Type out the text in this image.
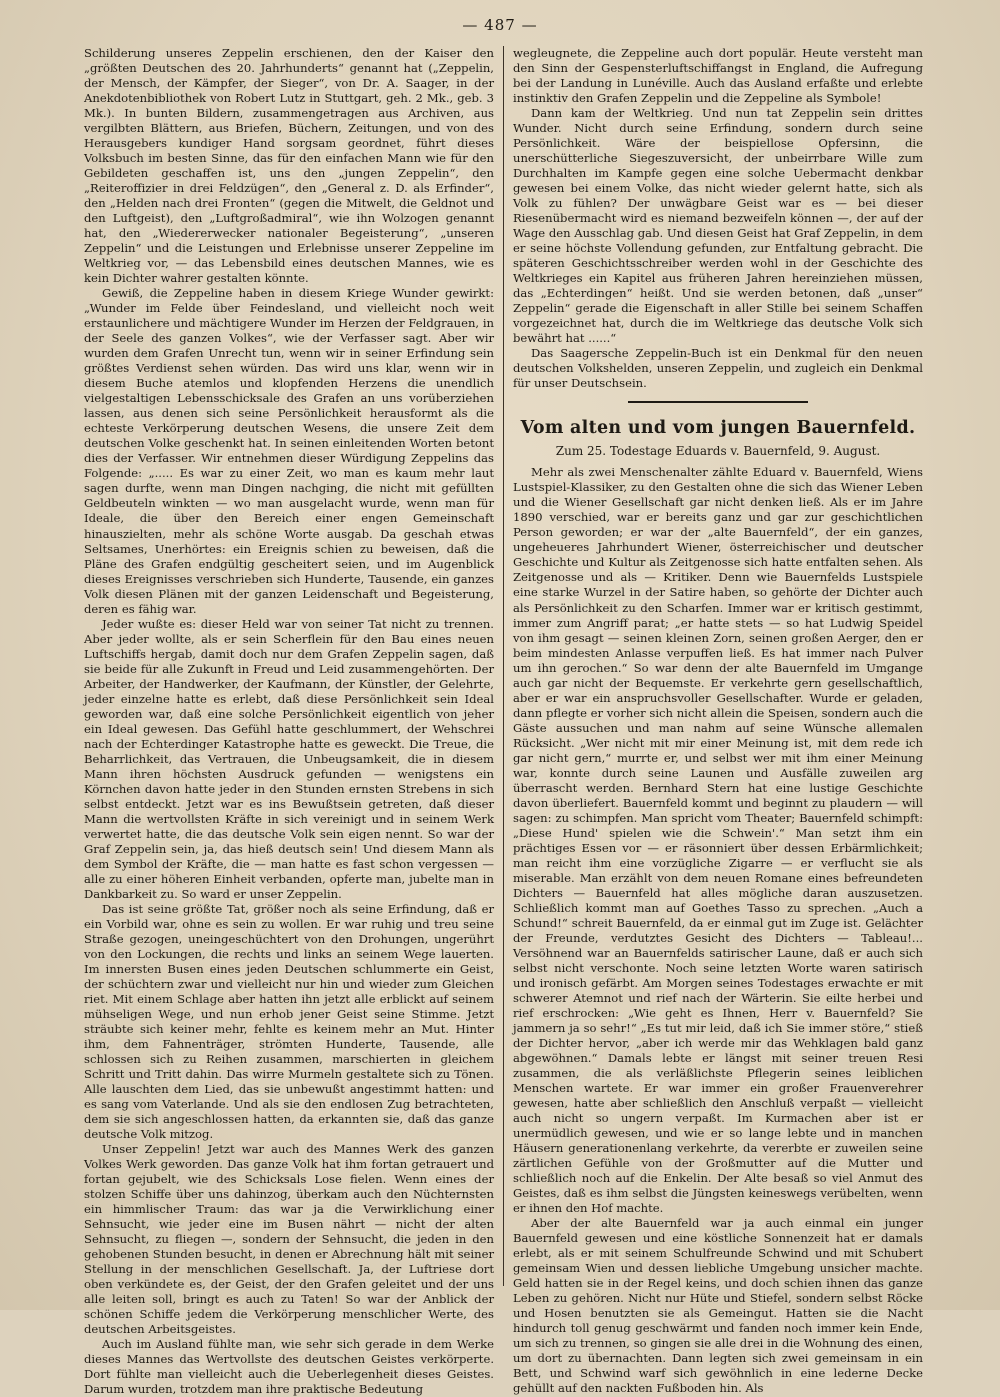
— 487 —

Schilderung unseres Zeppelin erschienen, den der Kaiser den „größten Deutschen des 20. Jahrhunderts“ genannt hat („Zeppelin, der Mensch, der Kämpfer, der Sieger“, von Dr. A. Saager, in der Anekdotenbibliothek von Robert Lutz in Stuttgart, geh. 2 Mk., geb. 3 Mk.). In bunten Bildern, zusammengetragen aus Archiven, aus vergilbten Blättern, aus Briefen, Büchern, Zeitungen, und von des Herausgebers kundiger Hand sorgsam geordnet, führt dieses Volksbuch im besten Sinne, das für den einfachen Mann wie für den Gebildeten geschaffen ist, uns den „jungen Zeppelin“, den „Reiteroffizier in drei Feldzügen“, den „General z. D. als Erfinder“, den „Helden nach drei Fronten“ (gegen die Mitwelt, die Geldnot und den Luftgeist), den „Luftgroßadmiral“, wie ihn Wolzogen genannt hat, den „Wiedererwecker nationaler Begeisterung“, „unseren Zeppelin“ und die Leistungen und Erlebnisse unserer Zeppeline im Weltkrieg vor, — das Lebensbild eines deutschen Mannes, wie es kein Dichter wahrer gestalten könnte.

Gewiß, die Zeppeline haben in diesem Kriege Wunder gewirkt: „Wunder im Felde über Feindesland, und vielleicht noch weit erstaunlichere und mächtigere Wunder im Herzen der Feldgrauen, in der Seele des ganzen Volkes“, wie der Verfasser sagt. Aber wir wurden dem Grafen Unrecht tun, wenn wir in seiner Erfindung sein größtes Verdienst sehen würden. Das wird uns klar, wenn wir in diesem Buche atemlos und klopfenden Herzens die unendlich vielgestaltigen Lebensschicksale des Grafen an uns vorüberziehen lassen, aus denen sich seine Persönlichkeit herausformt als die echteste Verkörperung deutschen Wesens, die unsere Zeit dem deutschen Volke geschenkt hat. In seinen einleitenden Worten betont dies der Verfasser. Wir entnehmen dieser Würdigung Zeppelins das Folgende: „..... Es war zu einer Zeit, wo man es kaum mehr laut sagen durfte, wenn man Dingen nachging, die nicht mit gefüllten Geldbeuteln winkten — wo man ausgelacht wurde, wenn man für Ideale, die über den Bereich einer engen Gemeinschaft hinauszielten, mehr als schöne Worte ausgab. Da geschah etwas Seltsames, Unerhörtes: ein Ereignis schien zu beweisen, daß die Pläne des Grafen endgültig gescheitert seien, und im Augenblick dieses Ereignisses verschrieben sich Hunderte, Tausende, ein ganzes Volk diesen Plänen mit der ganzen Leidenschaft und Begeisterung, deren es fähig war.

Jeder wußte es: dieser Held war von seiner Tat nicht zu trennen. Aber jeder wollte, als er sein Scherflein für den Bau eines neuen Luftschiffs hergab, damit doch nur dem Grafen Zeppelin sagen, daß sie beide für alle Zukunft in Freud und Leid zusammengehörten. Der Arbeiter, der Handwerker, der Kaufmann, der Künstler, der Gelehrte, jeder einzelne hatte es erlebt, daß diese Persönlichkeit sein Ideal geworden war, daß eine solche Persönlichkeit eigentlich von jeher ein Ideal gewesen. Das Gefühl hatte geschlummert, der Wehschrei nach der Echterdinger Katastrophe hatte es geweckt. Die Treue, die Beharrlichkeit, das Vertrauen, die Unbeugsamkeit, die in diesem Mann ihren höchsten Ausdruck gefunden — wenigstens ein Körnchen davon hatte jeder in den Stunden ernsten Strebens in sich selbst entdeckt. Jetzt war es ins Bewußtsein getreten, daß dieser Mann die wertvollsten Kräfte in sich vereinigt und in seinem Werk verwertet hatte, die das deutsche Volk sein eigen nennt. So war der Graf Zeppelin sein, ja, das hieß deutsch sein! Und diesem Mann als dem Symbol der Kräfte, die — man hatte es fast schon vergessen — alle zu einer höheren Einheit verbanden, opferte man, jubelte man in Dankbarkeit zu. So ward er unser Zeppelin.

Das ist seine größte Tat, größer noch als seine Erfindung, daß er ein Vorbild war, ohne es sein zu wollen. Er war ruhig und treu seine Straße gezogen, uneingeschüchtert von den Drohungen, ungerührt von den Lockungen, die rechts und links an seinem Wege lauerten. Im innersten Busen eines jeden Deutschen schlummerte ein Geist, der schüchtern zwar und vielleicht nur hin und wieder zum Gleichen riet. Mit einem Schlage aber hatten ihn jetzt alle erblickt auf seinem mühseligen Wege, und nun erhob jener Geist seine Stimme. Jetzt sträubte sich keiner mehr, fehlte es keinem mehr an Mut. Hinter ihm, dem Fahnenträger, strömten Hunderte, Tausende, alle schlossen sich zu Reihen zusammen, marschierten in gleichem Schritt und Tritt dahin. Das wirre Murmeln gestaltete sich zu Tönen. Alle lauschten dem Lied, das sie unbewußt angestimmt hatten: und es sang vom Vaterlande. Und als sie den endlosen Zug betrachteten, dem sie sich angeschlossen hatten, da erkannten sie, daß das ganze deutsche Volk mitzog.

Unser Zeppelin! Jetzt war auch des Mannes Werk des ganzen Volkes Werk geworden. Das ganze Volk hat ihm fortan getrauert und fortan gejubelt, wie des Schicksals Lose fielen. Wenn eines der stolzen Schiffe über uns dahinzog, überkam auch den Nüchternsten ein himmlischer Traum: das war ja die Verwirklichung einer Sehnsucht, wie jeder eine im Busen nährt — nicht der alten Sehnsucht, zu fliegen —, sondern der Sehnsucht, die jeden in den gehobenen Stunden besucht, in denen er Abrechnung hält mit seiner Stellung in der menschlichen Gesellschaft. Ja, der Luftriese dort oben verkündete es, der Geist, der den Grafen geleitet und der uns alle leiten soll, bringt es auch zu Taten! So war der Anblick der schönen Schiffe jedem die Verkörperung menschlicher Werte, des deutschen Arbeitsgeistes.

Auch im Ausland fühlte man, wie sehr sich gerade in dem Werke dieses Mannes das Wertvollste des deutschen Geistes verkörperte. Dort fühlte man vielleicht auch die Ueberlegenheit dieses Geistes. Darum wurden, trotzdem man ihre praktische Bedeutung

wegleugnete, die Zeppeline auch dort populär. Heute versteht man den Sinn der Gespensterluftschiffangst in England, die Aufregung bei der Landung in Lunéville. Auch das Ausland erfaßte und erlebte instinktiv den Grafen Zeppelin und die Zeppeline als Symbole!

Dann kam der Weltkrieg. Und nun tat Zeppelin sein drittes Wunder. Nicht durch seine Erfindung, sondern durch seine Persönlichkeit. Wäre der beispiellose Opfersinn, die unerschütterliche Siegeszuversicht, der unbeirrbare Wille zum Durchhalten im Kampfe gegen eine solche Uebermacht denkbar gewesen bei einem Volke, das nicht wieder gelernt hatte, sich als Volk zu fühlen? Der unwägbare Geist war es — bei dieser Riesenübermacht wird es niemand bezweifeln können —, der auf der Wage den Ausschlag gab. Und diesen Geist hat Graf Zeppelin, in dem er seine höchste Vollendung gefunden, zur Entfaltung gebracht. Die späteren Geschichtsschreiber werden wohl in der Geschichte des Weltkrieges ein Kapitel aus früheren Jahren hereinziehen müssen, das „Echterdingen“ heißt. Und sie werden betonen, daß „unser“ Zeppelin“ gerade die Eigenschaft in aller Stille bei seinem Schaffen vorgezeichnet hat, durch die im Weltkriege das deutsche Volk sich bewährt hat ......“

Das Saagersche Zeppelin-Buch ist ein Denkmal für den neuen deutschen Volkshelden, unseren Zeppelin, und zugleich ein Denkmal für unser Deutschsein.

Vom alten und vom jungen Bauernfeld.
Zum 25. Todestage Eduards v. Bauernfeld, 9. August.

Mehr als zwei Menschenalter zählte Eduard v. Bauernfeld, Wiens Lustspiel-Klassiker, zu den Gestalten ohne die sich das Wiener Leben und die Wiener Gesellschaft gar nicht denken ließ. Als er im Jahre 1890 verschied, war er bereits ganz und gar zur geschichtlichen Person geworden; er war der „alte Bauernfeld“, der ein ganzes, ungeheueres Jahrhundert Wiener, österreichischer und deutscher Geschichte und Kultur als Zeitgenosse sich hatte entfalten sehen. Als Zeitgenosse und als — Kritiker. Denn wie Bauernfelds Lustspiele eine starke Wurzel in der Satire haben, so gehörte der Dichter auch als Persönlichkeit zu den Scharfen. Immer war er kritisch gestimmt, immer zum Angriff parat; „er hatte stets — so hat Ludwig Speidel von ihm gesagt — seinen kleinen Zorn, seinen großen Aerger, den er beim mindesten Anlasse verpuffen ließ. Es hat immer nach Pulver um ihn gerochen.“ So war denn der alte Bauernfeld im Umgange auch gar nicht der Bequemste. Er verkehrte gern gesellschaftlich, aber er war ein anspruchsvoller Gesellschafter. Wurde er geladen, dann pflegte er vorher sich nicht allein die Speisen, sondern auch die Gäste aussuchen und man nahm auf seine Wünsche allemalen Rücksicht. „Wer nicht mit mir einer Meinung ist, mit dem rede ich gar nicht gern,“ murrte er, und selbst wer mit ihm einer Meinung war, konnte durch seine Launen und Ausfälle zuweilen arg überrascht werden. Bernhard Stern hat eine lustige Geschichte davon überliefert. Bauernfeld kommt und beginnt zu plaudern — will sagen: zu schimpfen. Man spricht vom Theater; Bauernfeld schimpft: „Diese Hund' spielen wie die Schwein'.“ Man setzt ihm ein prächtiges Essen vor — er räsonniert über dessen Erbärmlichkeit; man reicht ihm eine vorzügliche Zigarre — er verflucht sie als miserable. Man erzählt von dem neuen Romane eines befreundeten Dichters — Bauernfeld hat alles mögliche daran auszusetzen. Schließlich kommt man auf Goethes Tasso zu sprechen. „Auch a Schund!“ schreit Bauernfeld, da er einmal gut im Zuge ist. Gelächter der Freunde, verdutztes Gesicht des Dichters — Tableau!... Versöhnend war an Bauernfelds satirischer Laune, daß er auch sich selbst nicht verschonte. Noch seine letzten Worte waren satirisch und ironisch gefärbt. Am Morgen seines Todestages erwachte er mit schwerer Atemnot und rief nach der Wärterin. Sie eilte herbei und rief erschrocken: „Wie geht es Ihnen, Herr v. Bauernfeld? Sie jammern ja so sehr!“ „Es tut mir leid, daß ich Sie immer störe,“ stieß der Dichter hervor, „aber ich werde mir das Wehklagen bald ganz abgewöhnen.“ Damals lebte er längst mit seiner treuen Resi zusammen, die als verläßlichste Pflegerin seines leiblichen Menschen wartete. Er war immer ein großer Frauenverehrer gewesen, hatte aber schließlich den Anschluß verpaßt — vielleicht auch nicht so ungern verpaßt. Im Kurmachen aber ist er unermüdlich gewesen, und wie er so lange lebte und in manchen Häusern generationenlang verkehrte, da vererbte er zuweilen seine zärtlichen Gefühle von der Großmutter auf die Mutter und schließlich noch auf die Enkelin. Der Alte besaß so viel Anmut des Geistes, daß es ihm selbst die Jüngsten keineswegs verübelten, wenn er ihnen den Hof machte.

Aber der alte Bauernfeld war ja auch einmal ein junger Bauernfeld gewesen und eine köstliche Sonnenzeit hat er damals erlebt, als er mit seinem Schulfreunde Schwind und mit Schubert gemeinsam Wien und dessen liebliche Umgebung unsicher machte. Geld hatten sie in der Regel keins, und doch schien ihnen das ganze Leben zu gehören. Nicht nur Hüte und Stiefel, sondern selbst Röcke und Hosen benutzten sie als Gemeingut. Hatten sie die Nacht hindurch toll genug geschwärmt und fanden noch immer kein Ende, um sich zu trennen, so gingen sie alle drei in die Wohnung des einen, um dort zu übernachten. Dann legten sich zwei gemeinsam in ein Bett, und Schwind warf sich gewöhnlich in eine lederne Decke gehüllt auf den nackten Fußboden hin. Als
